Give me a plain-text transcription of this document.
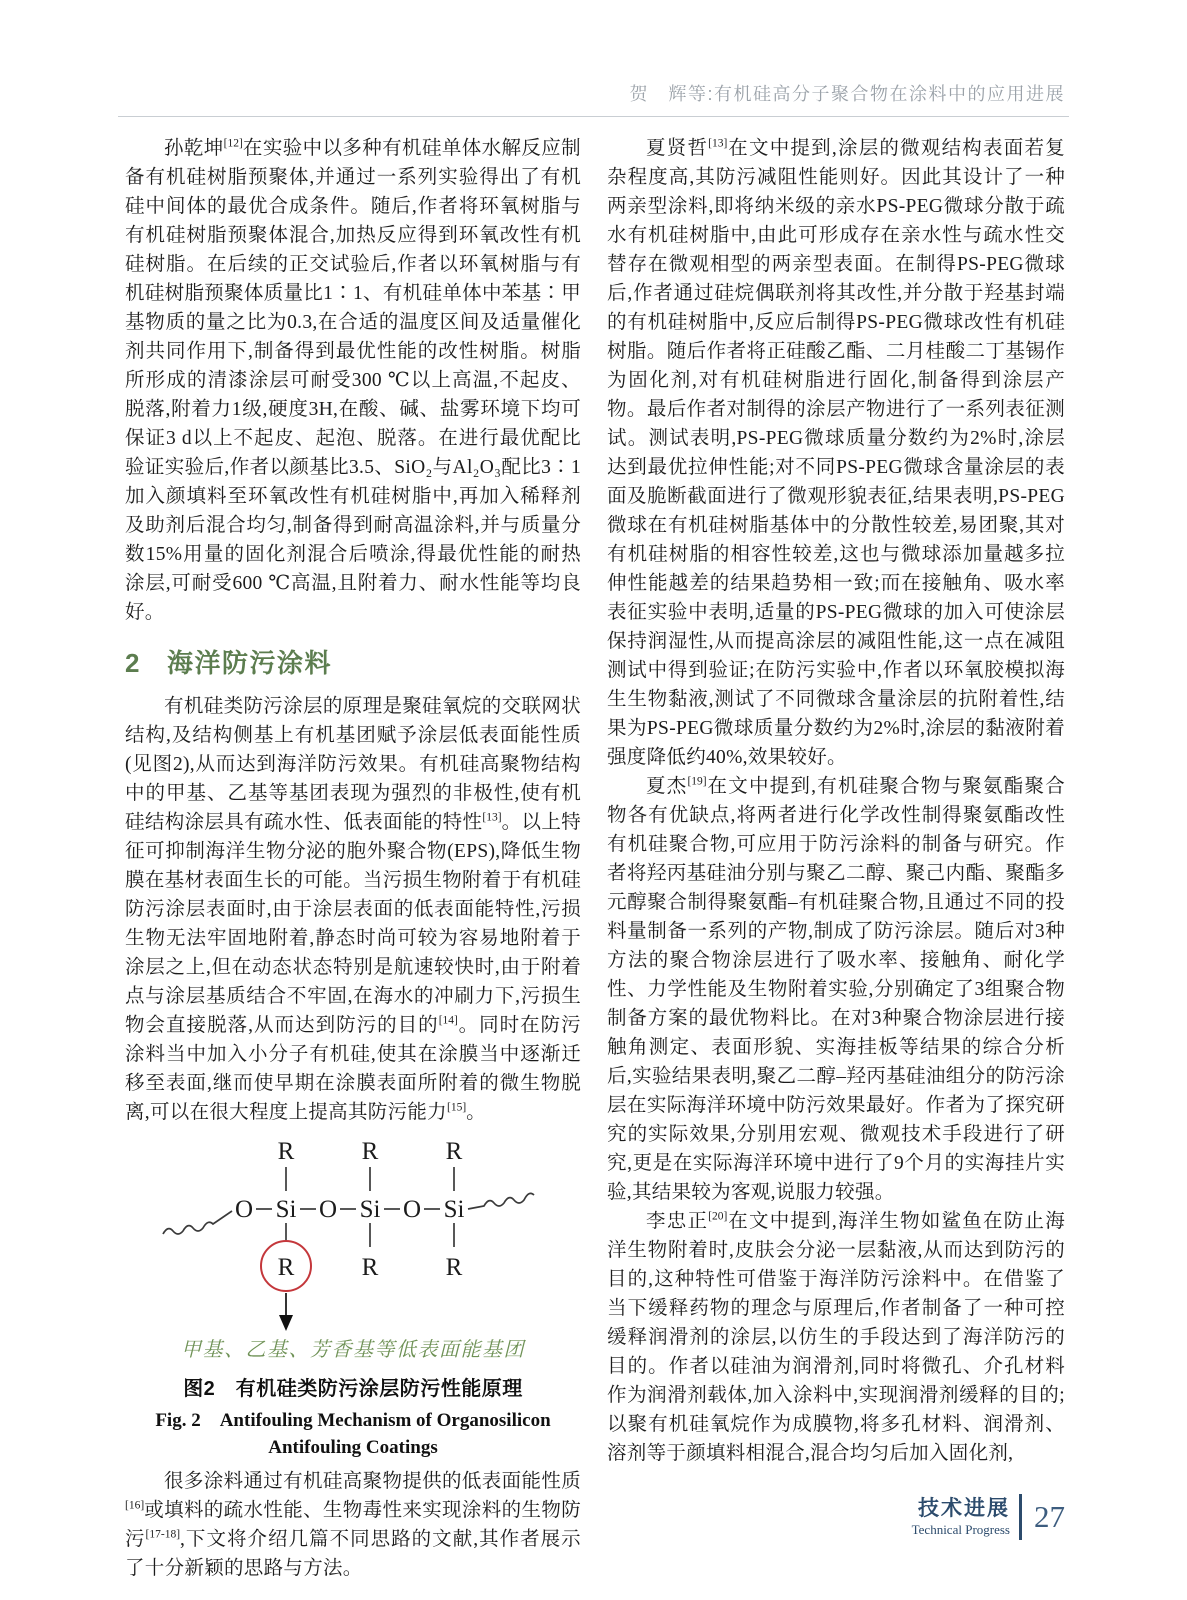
贺　辉等:有机硅高分子聚合物在涂料中的应用进展

孙乾坤[12]在实验中以多种有机硅单体水解反应制备有机硅树脂预聚体,并通过一系列实验得出了有机硅中间体的最优合成条件。随后,作者将环氧树脂与有机硅树脂预聚体混合,加热反应得到环氧改性有机硅树脂。在后续的正交试验后,作者以环氧树脂与有机硅树脂预聚体质量比1∶1、有机硅单体中苯基∶甲基物质的量之比为0.3,在合适的温度区间及适量催化剂共同作用下,制备得到最优性能的改性树脂。树脂所形成的清漆涂层可耐受300 ℃以上高温,不起皮、脱落,附着力1级,硬度3H,在酸、碱、盐雾环境下均可保证3 d以上不起皮、起泡、脱落。在进行最优配比验证实验后,作者以颜基比3.5、SiO₂与Al₂O₃配比3∶1加入颜填料至环氧改性有机硅树脂中,再加入稀释剂及助剂后混合均匀,制备得到耐高温涂料,并与质量分数15%用量的固化剂混合后喷涂,得最优性能的耐热涂层,可耐受600 ℃高温,且附着力、耐水性能等均良好。

2 海洋防污涂料

有机硅类防污涂层的原理是聚硅氧烷的交联网状结构,及结构侧基上有机基团赋予涂层低表面能性质(见图2),从而达到海洋防污效果。有机硅高聚物结构中的甲基、乙基等基团表现为强烈的非极性,使有机硅结构涂层具有疏水性、低表面能的特性[13]。以上特征可抑制海洋生物分泌的胞外聚合物(EPS),降低生物膜在基材表面生长的可能。当污损生物附着于有机硅防污涂层表面时,由于涂层表面的低表面能特性,污损生物无法牢固地附着,静态时尚可较为容易地附着于涂层之上,但在动态状态特别是航速较快时,由于附着点与涂层基质结合不牢固,在海水的冲刷力下,污损生物会直接脱落,从而达到防污的目的[14]。同时在防污涂料当中加入小分子有机硅,使其在涂膜当中逐渐迁移至表面,继而使早期在涂膜表面所附着的微生物脱离,可以在很大程度上提高其防污能力[15]。

O Si O Si O Si
R	R	R
R	R	R
甲基、乙基、芳香基等低表面能基团
图2　有机硅类防污涂层防污性能原理
Fig. 2　Antifouling Mechanism of Organosilicon
Antifouling Coatings

很多涂料通过有机硅高聚物提供的低表面能性质[16]或填料的疏水性能、生物毒性来实现涂料的生物防污[17-18],下文将介绍几篇不同思路的文献,其作者展示了十分新颖的思路与方法。

夏贤哲[13]在文中提到,涂层的微观结构表面若复杂程度高,其防污减阻性能则好。因此其设计了一种两亲型涂料,即将纳米级的亲水PS-PEG微球分散于疏水有机硅树脂中,由此可形成存在亲水性与疏水性交替存在微观相型的两亲型表面。在制得PS-PEG微球后,作者通过硅烷偶联剂将其改性,并分散于羟基封端的有机硅树脂中,反应后制得PS-PEG微球改性有机硅树脂。随后作者将正硅酸乙酯、二月桂酸二丁基锡作为固化剂,对有机硅树脂进行固化,制备得到涂层产物。最后作者对制得的涂层产物进行了一系列表征测试。测试表明,PS-PEG微球质量分数约为2%时,涂层达到最优拉伸性能;对不同PS-PEG微球含量涂层的表面及脆断截面进行了微观形貌表征,结果表明,PS-PEG微球在有机硅树脂基体中的分散性较差,易团聚,其对有机硅树脂的相容性较差,这也与微球添加量越多拉伸性能越差的结果趋势相一致;而在接触角、吸水率表征实验中表明,适量的PS-PEG微球的加入可使涂层保持润湿性,从而提高涂层的减阻性能,这一点在减阻测试中得到验证;在防污实验中,作者以环氧胶模拟海生生物黏液,测试了不同微球含量涂层的抗附着性,结果为PS-PEG微球质量分数约为2%时,涂层的黏液附着强度降低约40%,效果较好。

夏杰[19]在文中提到,有机硅聚合物与聚氨酯聚合物各有优缺点,将两者进行化学改性制得聚氨酯改性有机硅聚合物,可应用于防污涂料的制备与研究。作者将羟丙基硅油分别与聚乙二醇、聚己内酯、聚酯多元醇聚合制得聚氨酯–有机硅聚合物,且通过不同的投料量制备一系列的产物,制成了防污涂层。随后对3种方法的聚合物涂层进行了吸水率、接触角、耐化学性、力学性能及生物附着实验,分别确定了3组聚合物制备方案的最优物料比。在对3种聚合物涂层进行接触角测定、表面形貌、实海挂板等结果的综合分析后,实验结果表明,聚乙二醇–羟丙基硅油组分的防污涂层在实际海洋环境中防污效果最好。作者为了探究研究的实际效果,分别用宏观、微观技术手段进行了研究,更是在实际海洋环境中进行了9个月的实海挂片实验,其结果较为客观,说服力较强。

李忠正[20]在文中提到,海洋生物如鲨鱼在防止海洋生物附着时,皮肤会分泌一层黏液,从而达到防污的目的,这种特性可借鉴于海洋防污涂料中。在借鉴了当下缓释药物的理念与原理后,作者制备了一种可控缓释润滑剂的涂层,以仿生的手段达到了海洋防污的目的。作者以硅油为润滑剂,同时将微孔、介孔材料作为润滑剂载体,加入涂料中,实现润滑剂缓释的目的;以聚有机硅氧烷作为成膜物,将多孔材料、润滑剂、溶剂等于颜填料相混合,混合均匀后加入固化剂,

技术进展
Technical Progress 27
